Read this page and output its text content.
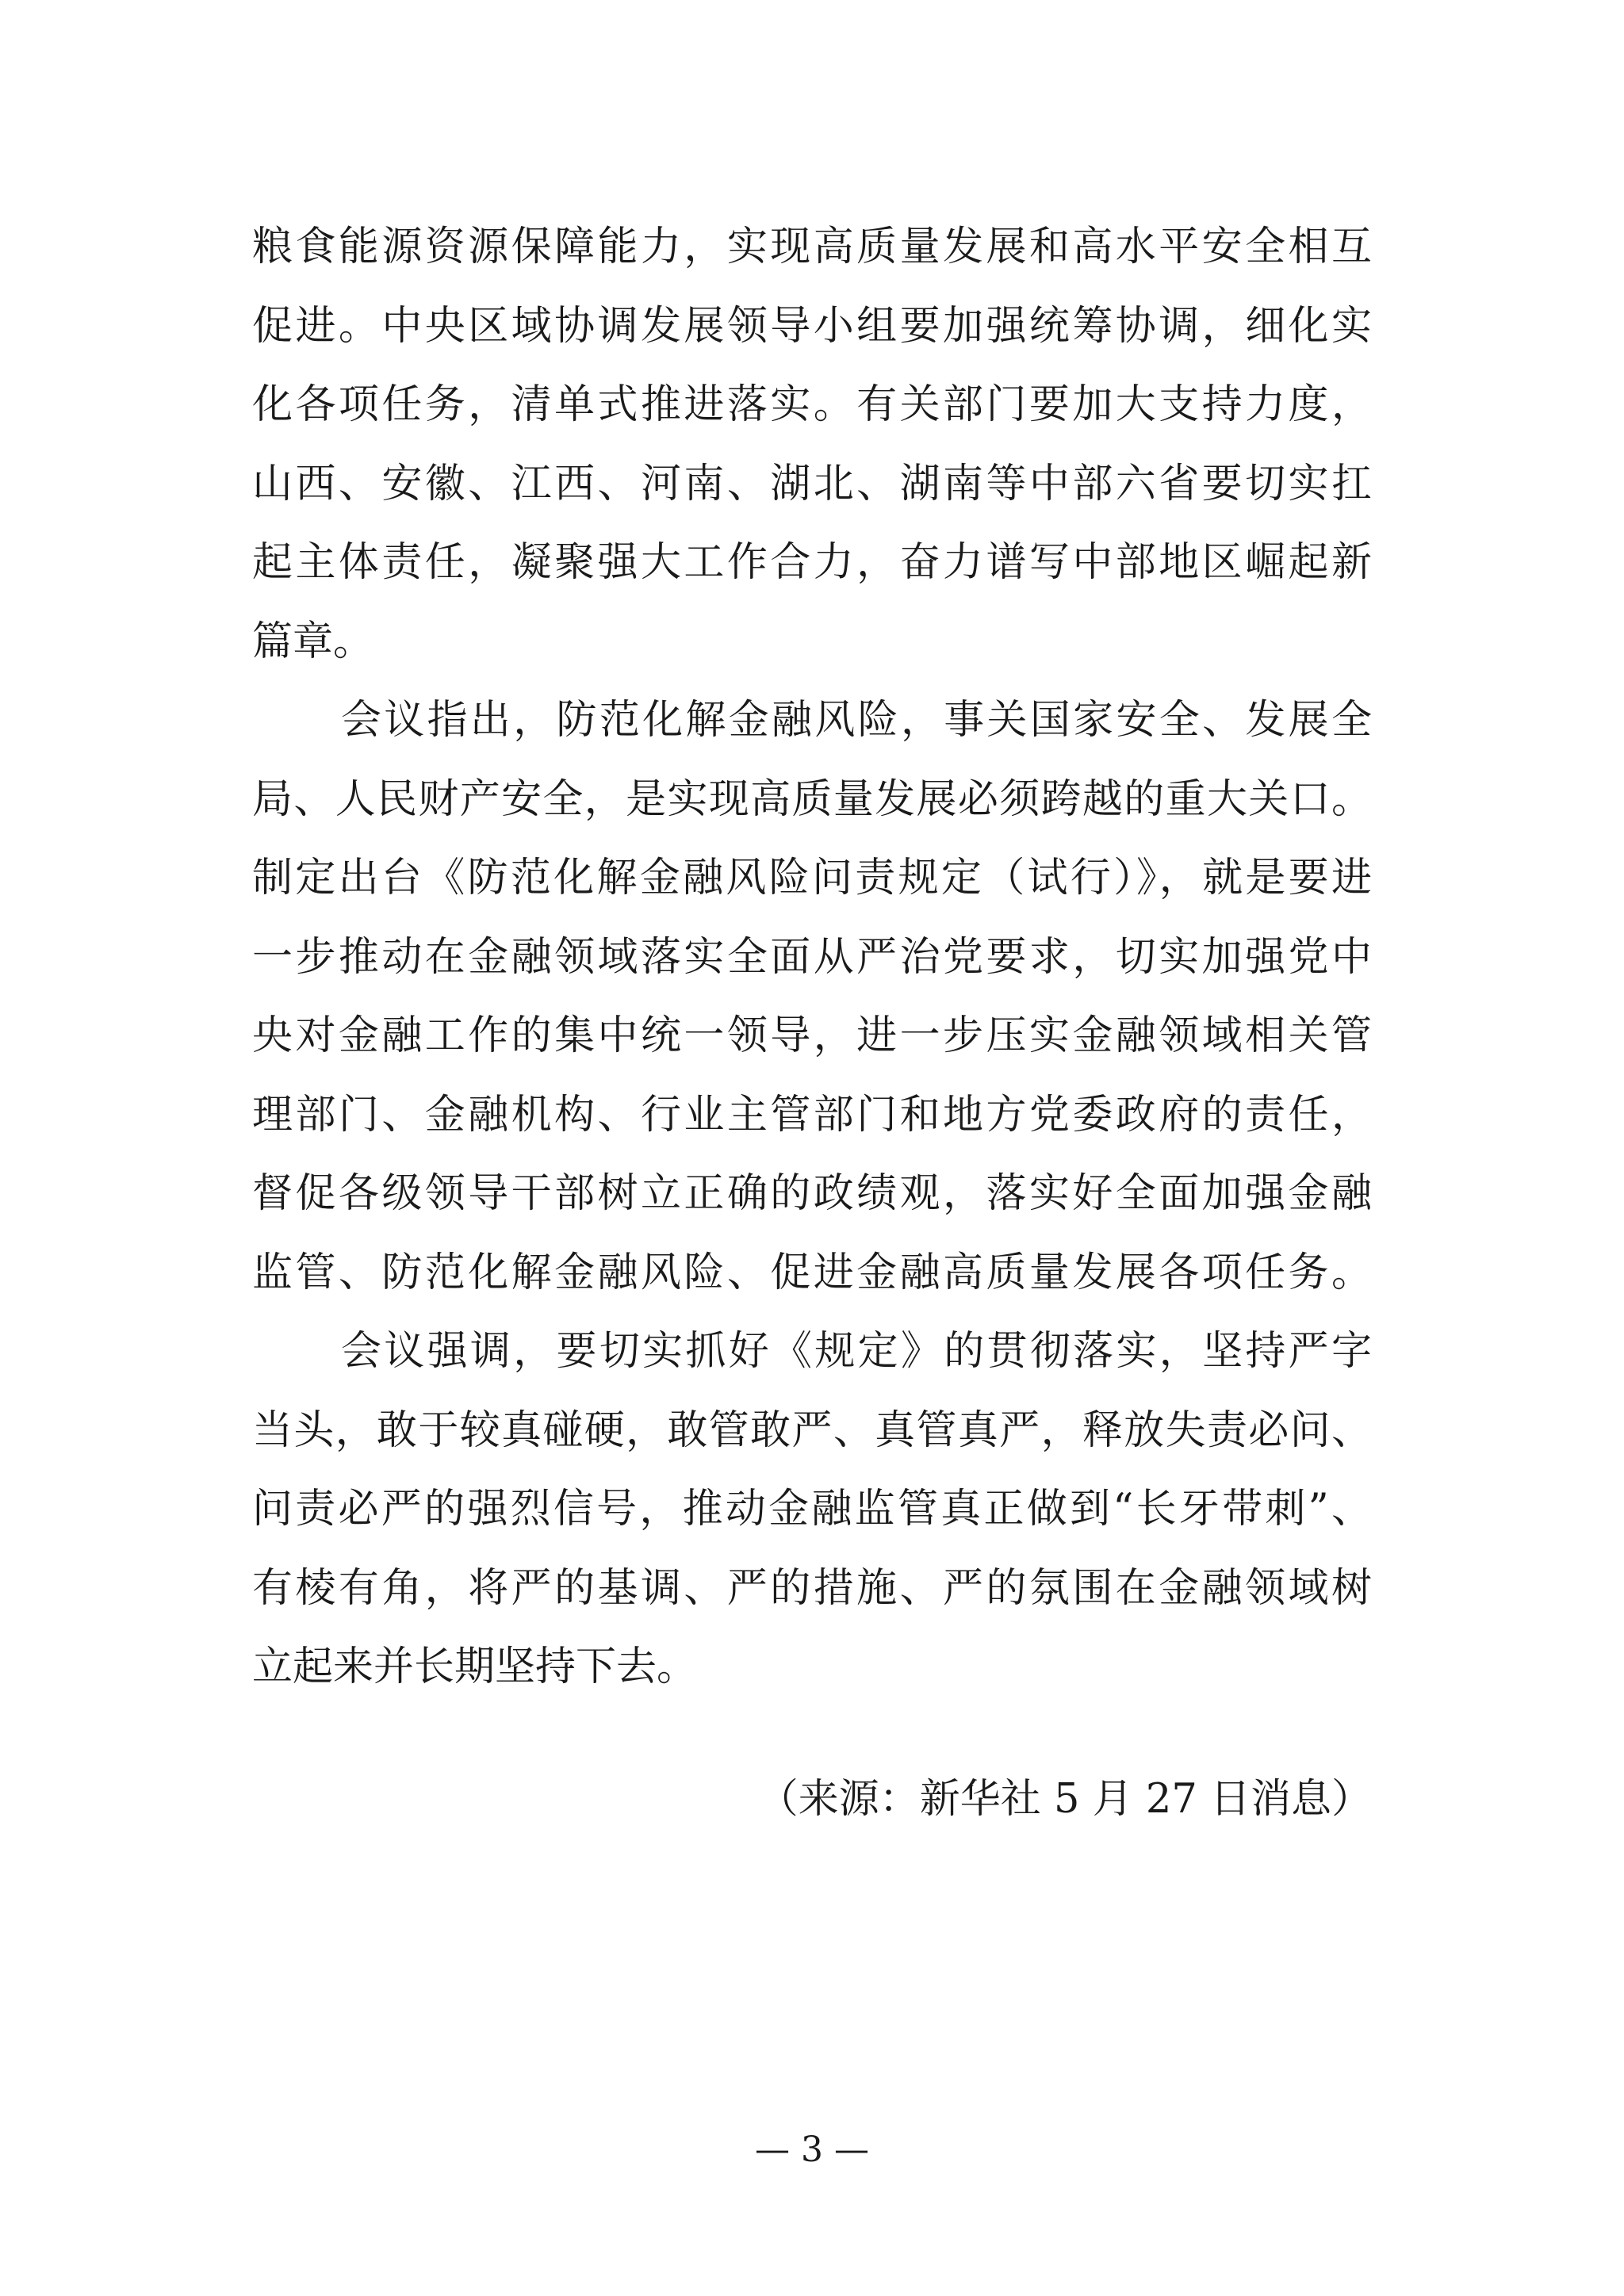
粮食能源资源保障能力，实现高质量发展和高水平安全相互
促进。中央区域协调发展领导小组要加强统筹协调，细化实
化各项任务，清单式推进落实。有关部门要加大支持力度，
山西、安徽、江西、河南、湖北、湖南等中部六省要切实扛
起主体责任，凝聚强大工作合力，奋力谱写中部地区崛起新
篇章。
会议指出，防范化解金融风险，事关国家安全、发展全
局、人民财产安全，是实现高质量发展必须跨越的重大关口。
制定出台《防范化解金融风险问责规定（试行）》，就是要进
一步推动在金融领域落实全面从严治党要求，切实加强党中
央对金融工作的集中统一领导，进一步压实金融领域相关管
理部门、金融机构、行业主管部门和地方党委政府的责任，
督促各级领导干部树立正确的政绩观，落实好全面加强金融
监管、防范化解金融风险、促进金融高质量发展各项任务。
会议强调，要切实抓好《规定》的贯彻落实，坚持严字
当头，敢于较真碰硬，敢管敢严、真管真严，释放失责必问、
问责必严的强烈信号，推动金融监管真正做到“长牙带刺”、
有棱有角，将严的基调、严的措施、严的氛围在金融领域树
立起来并长期坚持下去。
（来源：新华社 5 月 27 日消息）
— 3 —
